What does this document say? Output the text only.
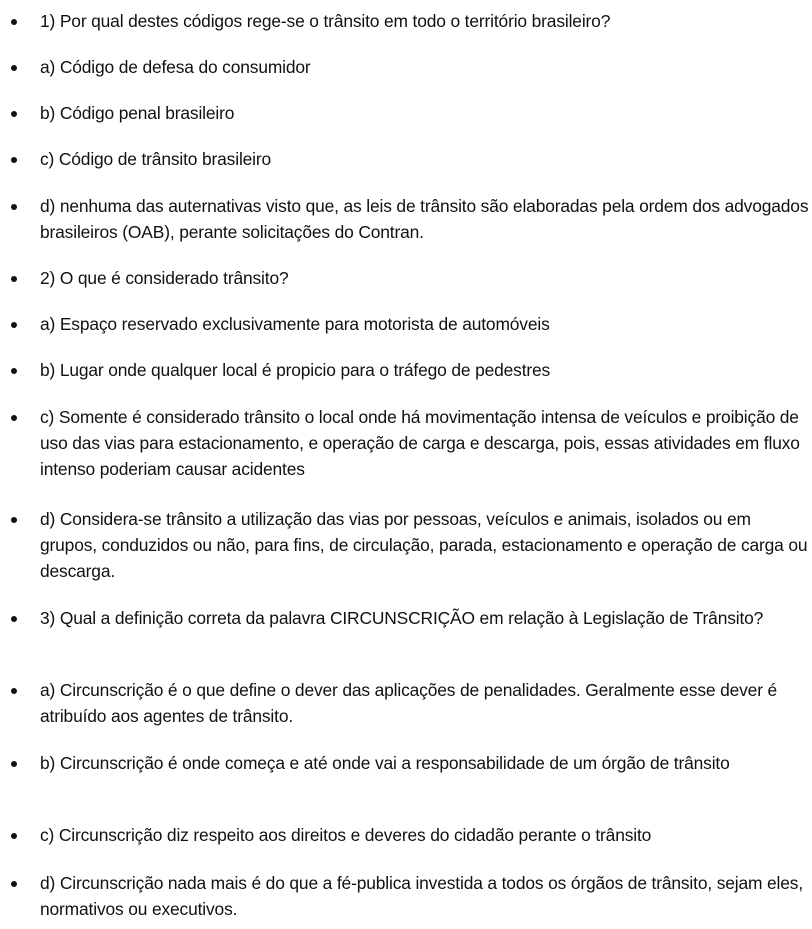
1) Por qual destes códigos rege-se o trânsito em todo o território brasileiro?

a) Código de defesa do consumidor

b) Código penal brasileiro

c) Código de trânsito brasileiro

d) nenhuma das auternativas visto que, as leis de trânsito são elaboradas pela ordem dos advogados brasileiros (OAB), perante solicitações do Contran.

2) O que é considerado trânsito?

a) Espaço reservado exclusivamente para motorista de automóveis

b) Lugar onde qualquer local é propicio para o tráfego de pedestres

c) Somente é considerado trânsito o local onde há movimentação intensa de veículos e proibição de uso das vias para estacionamento, e operação de carga e descarga, pois, essas atividades em fluxo intenso poderiam causar acidentes

d) Considera-se trânsito a utilização das vias por pessoas, veículos e animais, isolados ou em grupos, conduzidos ou não, para fins, de circulação, parada, estacionamento e operação de carga ou descarga.

3) Qual a definição correta da palavra CIRCUNSCRIÇÃO em relação à Legislação de Trânsito?

a) Circunscrição é o que define o dever das aplicações de penalidades. Geralmente esse dever é atribuído aos agentes de trânsito.

b) Circunscrição é onde começa e até onde vai a responsabilidade de um órgão de trânsito

c) Circunscrição diz respeito aos direitos e deveres do cidadão perante o trânsito

d) Circunscrição nada mais é do que a fé-publica investida a todos os órgãos de trânsito, sejam eles, normativos ou executivos.
